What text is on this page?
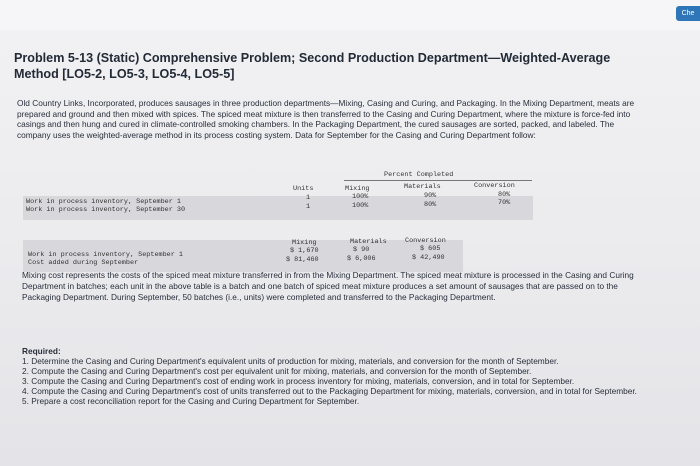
Che
Problem 5-13 (Static) Comprehensive Problem; Second Production Department—Weighted-Average Method [LO5-2, LO5-3, LO5-4, LO5-5]
Old Country Links, Incorporated, produces sausages in three production departments—Mixing, Casing and Curing, and Packaging. In the Mixing Department, meats are prepared and ground and then mixed with spices. The spiced meat mixture is then transferred to the Casing and Curing Department, where the mixture is force-fed into casings and then hung and cured in climate-controlled smoking chambers. In the Packaging Department, the cured sausages are sorted, packed, and labeled. The company uses the weighted-average method in its process costing system. Data for September for the Casing and Curing Department follow:
Percent Completed
Units	Mixing	Materials	Conversion
Work in process inventory, September 1	1	100%	90%	80%
Work in process inventory, September 30	1	100%	80%	70%
Mixing	Materials	Conversion
Work in process inventory, September 1	$ 1,670	$ 90	$ 605
Cost added during September	$ 81,460	$ 6,006	$ 42,490
Mixing cost represents the costs of the spiced meat mixture transferred in from the Mixing Department. The spiced meat mixture is processed in the Casing and Curing Department in batches; each unit in the above table is a batch and one batch of spiced meat mixture produces a set amount of sausages that are passed on to the Packaging Department. During September, 50 batches (i.e., units) were completed and transferred to the Packaging Department.
Required:
1. Determine the Casing and Curing Department's equivalent units of production for mixing, materials, and conversion for the month of September.
2. Compute the Casing and Curing Department's cost per equivalent unit for mixing, materials, and conversion for the month of September.
3. Compute the Casing and Curing Department's cost of ending work in process inventory for mixing, materials, conversion, and in total for September.
4. Compute the Casing and Curing Department's cost of units transferred out to the Packaging Department for mixing, materials, conversion, and in total for September.
5. Prepare a cost reconciliation report for the Casing and Curing Department for September.
